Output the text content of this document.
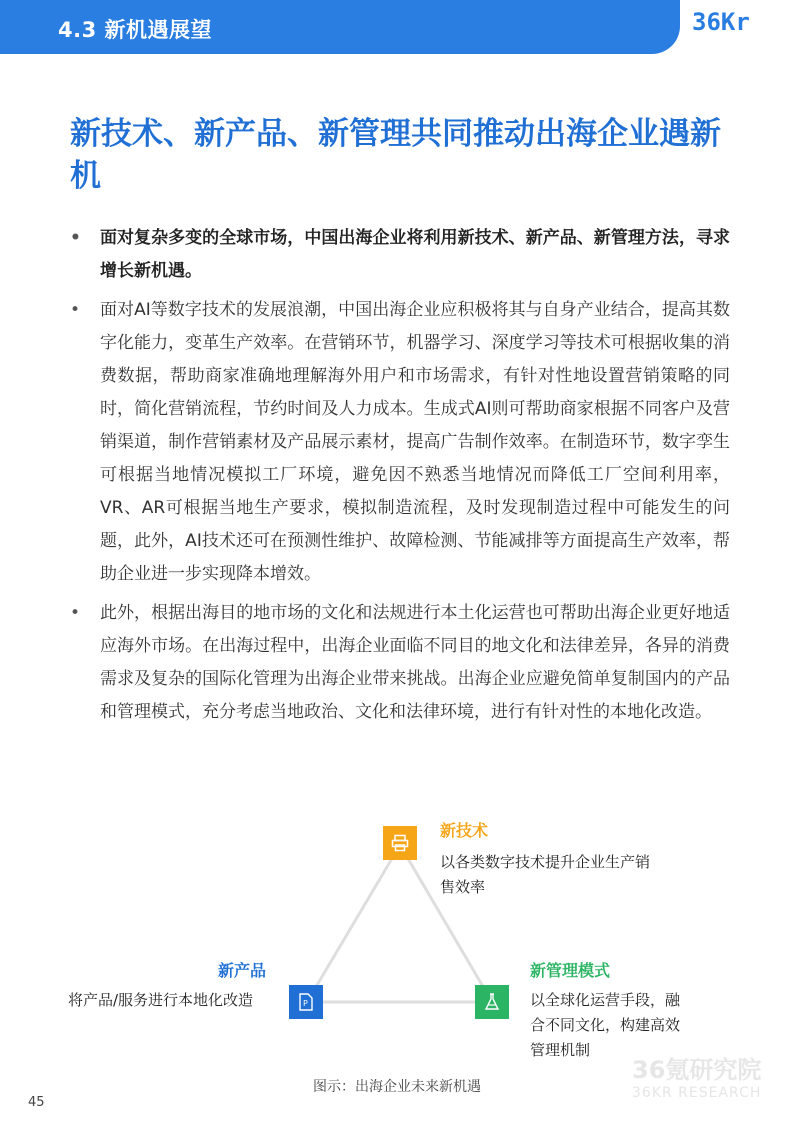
4.3 新机遇展望	36Kr
新技术、新产品、新管理共同推动出海企业遇新机
• 面对复杂多变的全球市场，中国出海企业将利用新技术、新产品、新管理方法，寻求增长新机遇。
• 面对AI等数字技术的发展浪潮，中国出海企业应积极将其与自身产业结合，提高其数字化能力，变革生产效率。在营销环节，机器学习、深度学习等技术可根据收集的消费数据，帮助商家准确地理解海外用户和市场需求，有针对性地设置营销策略的同时，简化营销流程，节约时间及人力成本。生成式AI则可帮助商家根据不同客户及营销渠道，制作营销素材及产品展示素材，提高广告制作效率。在制造环节，数字孪生可根据当地情况模拟工厂环境，避免因不熟悉当地情况而降低工厂空间利用率，VR、AR可根据当地生产要求，模拟制造流程，及时发现制造过程中可能发生的问题，此外，AI技术还可在预测性维护、故障检测、节能减排等方面提高生产效率，帮助企业进一步实现降本增效。
• 此外，根据出海目的地市场的文化和法规进行本土化运营也可帮助出海企业更好地适应海外市场。在出海过程中，出海企业面临不同目的地文化和法律差异，各异的消费需求及复杂的国际化管理为出海企业带来挑战。出海企业应避免简单复制国内的产品和管理模式，充分考虑当地政治、文化和法律环境，进行有针对性的本地化改造。
新技术
以各类数字技术提升企业生产销
售效率
P
新产品
将产品/服务进行本地化改造
新管理模式
以全球化运营手段，融
合不同文化，构建高效
管理机制
36氪研究院
36KR RESEARCH
图示：出海企业未来新机遇
45
